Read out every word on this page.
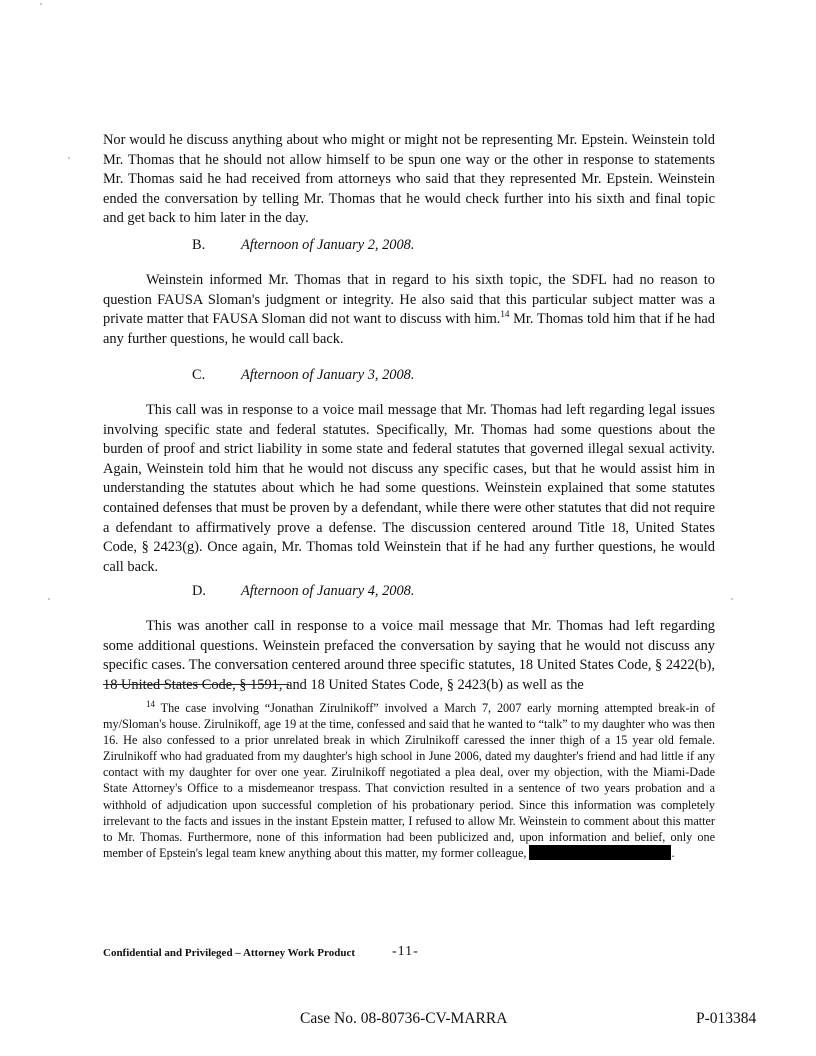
Nor would he discuss anything about who might or might not be representing Mr. Epstein. Weinstein told Mr. Thomas that he should not allow himself to be spun one way or the other in response to statements Mr. Thomas said he had received from attorneys who said that they represented Mr. Epstein. Weinstein ended the conversation by telling Mr. Thomas that he would check further into his sixth and final topic and get back to him later in the day.

B. Afternoon of January 2, 2008.

Weinstein informed Mr. Thomas that in regard to his sixth topic, the SDFL had no reason to question FAUSA Sloman's judgment or integrity. He also said that this particular subject matter was a private matter that FAUSA Sloman did not want to discuss with him.$^{14}$ Mr. Thomas told him that if he had any further questions, he would call back.

C. Afternoon of January 3, 2008.

This call was in response to a voice mail message that Mr. Thomas had left regarding legal issues involving specific state and federal statutes. Specifically, Mr. Thomas had some questions about the burden of proof and strict liability in some state and federal statutes that governed illegal sexual activity. Again, Weinstein told him that he would not discuss any specific cases, but that he would assist him in understanding the statutes about which he had some questions. Weinstein explained that some statutes contained defenses that must be proven by a defendant, while there were other statutes that did not require a defendant to affirmatively prove a defense. The discussion centered around Title 18, United States Code, § 2423(g). Once again, Mr. Thomas told Weinstein that if he had any further questions, he would call back.

D. Afternoon of January 4, 2008.

This was another call in response to a voice mail message that Mr. Thomas had left regarding some additional questions. Weinstein prefaced the conversation by saying that he would not discuss any specific cases. The conversation centered around three specific statutes, 18 United States Code, § 2422(b), 18 United States Code, § 1591, and 18 United States Code, § 2423(b) as well as the

$^{14}$ The case involving “Jonathan Zirulnikoff” involved a March 7, 2007 early morning attempted break-in of my/Sloman's house. Zirulnikoff, age 19 at the time, confessed and said that he wanted to “talk” to my daughter who was then 16. He also confessed to a prior unrelated break in which Zirulnikoff caressed the inner thigh of a 15 year old female. Zirulnikoff who had graduated from my daughter's high school in June 2006, dated my daughter's friend and had little if any contact with my daughter for over one year. Zirulnikoff negotiated a plea deal, over my objection, with the Miami-Dade State Attorney's Office to a misdemeanor trespass. That conviction resulted in a sentence of two years probation and a withhold of adjudication upon successful completion of his probationary period. Since this information was completely irrelevant to the facts and issues in the instant Epstein matter, I refused to allow Mr. Weinstein to comment about this matter to Mr. Thomas. Furthermore, none of this information had been publicized and, upon information and belief, only one member of Epstein's legal team knew anything about this matter, my former colleague,	.

Confidential and Privileged – Attorney Work Product	-11-
Case No. 08-80736-CV-MARRA	P-013384
